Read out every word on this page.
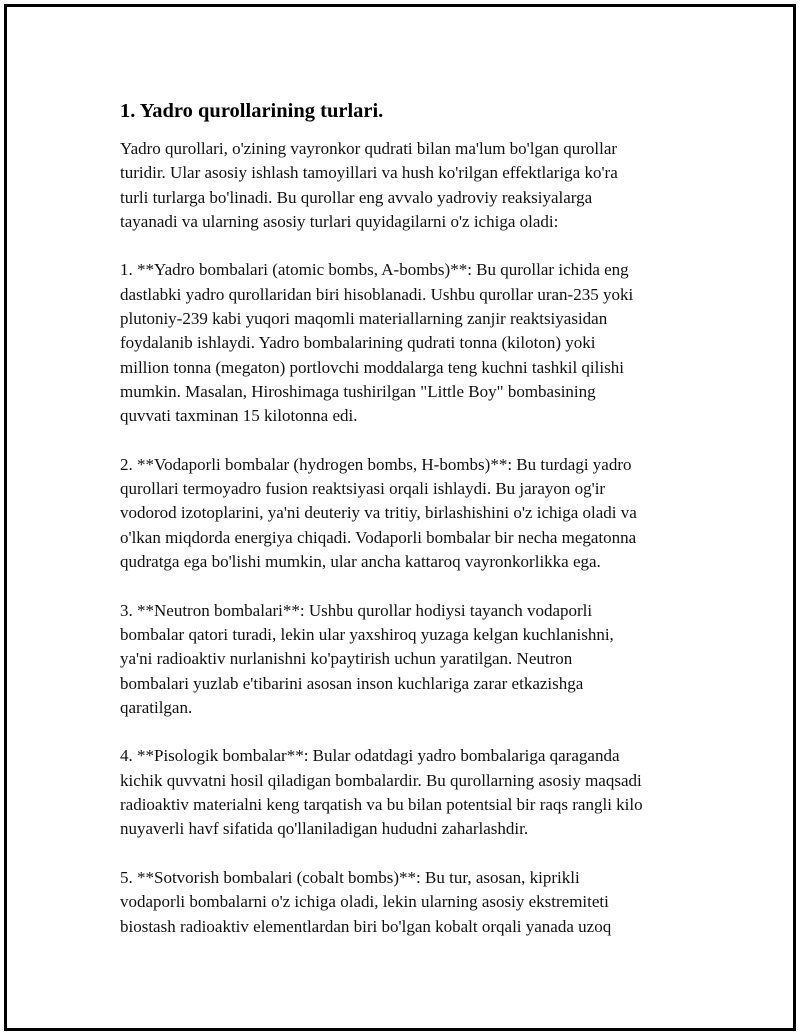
1. Yadro qurollarining turlari.

Yadro qurollari, o'zining vayronkor qudrati bilan ma'lum bo'lgan qurollar
turidir. Ular asosiy ishlash tamoyillari va hush ko'rilgan effektlariga ko'ra
turli turlarga bo'linadi. Bu qurollar eng avvalo yadroviy reaksiyalarga
tayanadi va ularning asosiy turlari quyidagilarni o'z ichiga oladi:

1. **Yadro bombalari (atomic bombs, A-bombs)**: Bu qurollar ichida eng
dastlabki yadro qurollaridan biri hisoblanadi. Ushbu qurollar uran-235 yoki
plutoniy-239 kabi yuqori maqomli materiallarning zanjir reaktsiyasidan
foydalanib ishlaydi. Yadro bombalarining qudrati tonna (kiloton) yoki
million tonna (megaton) portlovchi moddalarga teng kuchni tashkil qilishi
mumkin. Masalan, Hiroshimaga tushirilgan "Little Boy" bombasining
quvvati taxminan 15 kilotonna edi.

2. **Vodaporli bombalar (hydrogen bombs, H-bombs)**: Bu turdagi yadro
qurollari termoyadro fusion reaktsiyasi orqali ishlaydi. Bu jarayon og'ir
vodorod izotoplarini, ya'ni deuteriy va tritiy, birlashishini o'z ichiga oladi va
o'lkan miqdorda energiya chiqadi. Vodaporli bombalar bir necha megatonna
qudratga ega bo'lishi mumkin, ular ancha kattaroq vayronkorlikka ega.

3. **Neutron bombalari**: Ushbu qurollar hodiysi tayanch vodaporli
bombalar qatori turadi, lekin ular yaxshiroq yuzaga kelgan kuchlanishni,
ya'ni radioaktiv nurlanishni ko'paytirish uchun yaratilgan. Neutron
bombalari yuzlab e'tibarini asosan inson kuchlariga zarar etkazishga
qaratilgan.

4. **Pisologik bombalar**: Bular odatdagi yadro bombalariga qaraganda
kichik quvvatni hosil qiladigan bombalardir. Bu qurollarning asosiy maqsadi
radioaktiv materialni keng tarqatish va bu bilan potentsial bir raqs rangli kilo
nuyaverli havf sifatida qo'llaniladigan hududni zaharlashdir.

5. **Sotvorish bombalari (cobalt bombs)**: Bu tur, asosan, kiprikli
vodaporli bombalarni o'z ichiga oladi, lekin ularning asosiy ekstremiteti
biostash radioaktiv elementlardan biri bo'lgan kobalt orqali yanada uzoq
